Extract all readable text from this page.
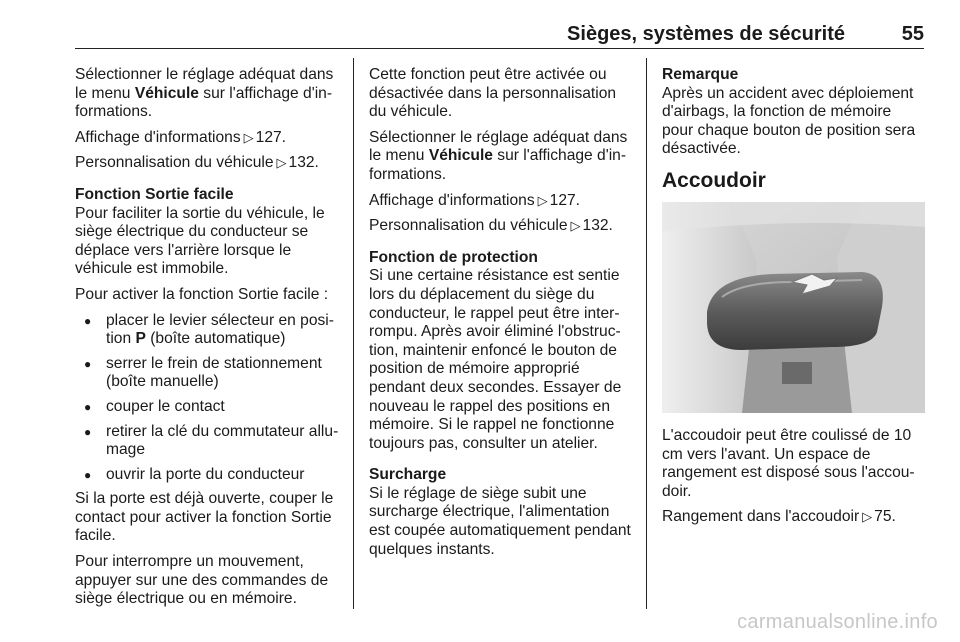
Sièges, systèmes de sécurité	55

Sélectionner le réglage adéquat dans le menu Véhicule sur l'affichage d'in-formations.

Affichage d'informations ▷ 127.

Personnalisation du véhicule ▷ 132.

Fonction Sortie facile

Pour faciliter la sortie du véhicule, le siège électrique du conducteur se déplace vers l'arrière lorsque le véhicule est immobile.

Pour activer la fonction Sortie facile :

● placer le levier sélecteur en posi-tion P (boîte automatique)
● serrer le frein de stationnement (boîte manuelle)
● couper le contact
● retirer la clé du commutateur allu-mage
● ouvrir la porte du conducteur

Si la porte est déjà ouverte, couper le contact pour activer la fonction Sortie facile.

Pour interrompre un mouvement, appuyer sur une des commandes de siège électrique ou en mémoire.

Cette fonction peut être activée ou désactivée dans la personnalisation du véhicule.

Sélectionner le réglage adéquat dans le menu Véhicule sur l'affichage d'in-formations.

Affichage d'informations ▷ 127.

Personnalisation du véhicule ▷ 132.

Fonction de protection

Si une certaine résistance est sentie lors du déplacement du siège du conducteur, le rappel peut être inter-rompu. Après avoir éliminé l'obstruc-tion, maintenir enfoncé le bouton de position de mémoire approprié pendant deux secondes. Essayer de nouveau le rappel des positions en mémoire. Si le rappel ne fonctionne toujours pas, consulter un atelier.

Surcharge

Si le réglage de siège subit une surcharge électrique, l'alimentation est coupée automatiquement pendant quelques instants.

Remarque

Après un accident avec déploiement d'airbags, la fonction de mémoire pour chaque bouton de position sera désactivée.

Accoudoir

L'accoudoir peut être coulissé de 10 cm vers l'avant. Un espace de rangement est disposé sous l'accou-doir.

Rangement dans l'accoudoir ▷ 75.

carmanualsonline.info
